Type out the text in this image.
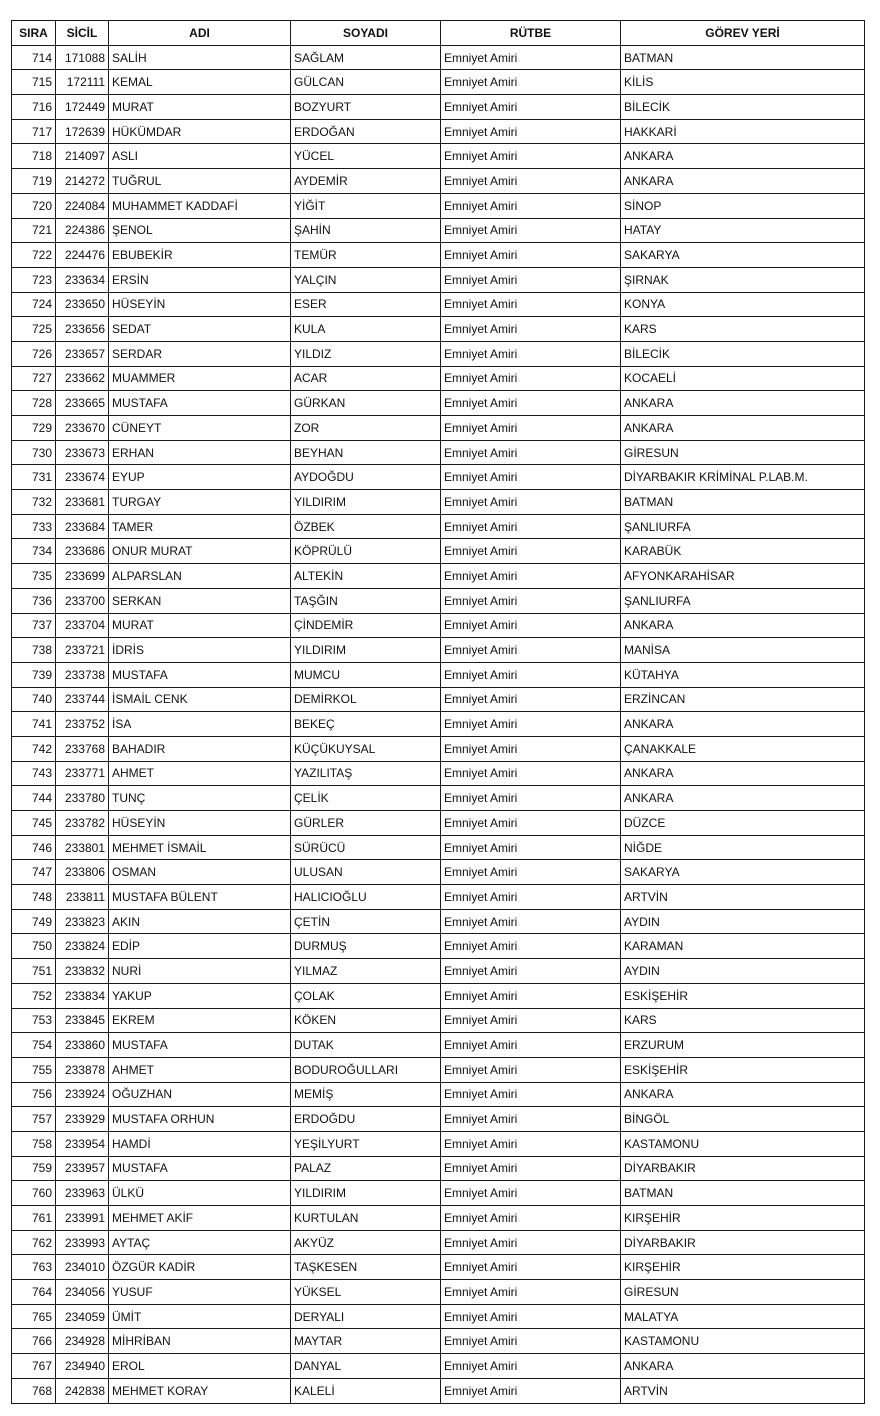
SIRA	SİCİL	ADI	SOYADI	RÜTBE	GÖREV YERİ
714	171088	SALİH	SAĞLAM	Emniyet Amiri	BATMAN
715	172111	KEMAL	GÜLCAN	Emniyet Amiri	KİLİS
716	172449	MURAT	BOZYURT	Emniyet Amiri	BİLECİK
717	172639	HÜKÜMDAR	ERDOĞAN	Emniyet Amiri	HAKKARİ
718	214097	ASLI	YÜCEL	Emniyet Amiri	ANKARA
719	214272	TUĞRUL	AYDEMİR	Emniyet Amiri	ANKARA
720	224084	MUHAMMET KADDAFİ	YİĞİT	Emniyet Amiri	SİNOP
721	224386	ŞENOL	ŞAHİN	Emniyet Amiri	HATAY
722	224476	EBUBEKİR	TEMÜR	Emniyet Amiri	SAKARYA
723	233634	ERSİN	YALÇIN	Emniyet Amiri	ŞIRNAK
724	233650	HÜSEYİN	ESER	Emniyet Amiri	KONYA
725	233656	SEDAT	KULA	Emniyet Amiri	KARS
726	233657	SERDAR	YILDIZ	Emniyet Amiri	BİLECİK
727	233662	MUAMMER	ACAR	Emniyet Amiri	KOCAELİ
728	233665	MUSTAFA	GÜRKAN	Emniyet Amiri	ANKARA
729	233670	CÜNEYT	ZOR	Emniyet Amiri	ANKARA
730	233673	ERHAN	BEYHAN	Emniyet Amiri	GİRESUN
731	233674	EYUP	AYDOĞDU	Emniyet Amiri	DİYARBAKIR KRİMİNAL P.LAB.M.
732	233681	TURGAY	YILDIRIM	Emniyet Amiri	BATMAN
733	233684	TAMER	ÖZBEK	Emniyet Amiri	ŞANLIURFA
734	233686	ONUR MURAT	KÖPRÜLÜ	Emniyet Amiri	KARABÜK
735	233699	ALPARSLAN	ALTEKİN	Emniyet Amiri	AFYONKARAHİSAR
736	233700	SERKAN	TAŞĞIN	Emniyet Amiri	ŞANLIURFA
737	233704	MURAT	ÇİNDEMİR	Emniyet Amiri	ANKARA
738	233721	İDRİS	YILDIRIM	Emniyet Amiri	MANİSA
739	233738	MUSTAFA	MUMCU	Emniyet Amiri	KÜTAHYA
740	233744	İSMAİL CENK	DEMİRKOL	Emniyet Amiri	ERZİNCAN
741	233752	İSA	BEKEÇ	Emniyet Amiri	ANKARA
742	233768	BAHADIR	KÜÇÜKUYSAL	Emniyet Amiri	ÇANAKKALE
743	233771	AHMET	YAZILITAŞ	Emniyet Amiri	ANKARA
744	233780	TUNÇ	ÇELİK	Emniyet Amiri	ANKARA
745	233782	HÜSEYİN	GÜRLER	Emniyet Amiri	DÜZCE
746	233801	MEHMET İSMAİL	SÜRÜCÜ	Emniyet Amiri	NİĞDE
747	233806	OSMAN	ULUSAN	Emniyet Amiri	SAKARYA
748	233811	MUSTAFA BÜLENT	HALICIOĞLU	Emniyet Amiri	ARTVİN
749	233823	AKIN	ÇETİN	Emniyet Amiri	AYDIN
750	233824	EDİP	DURMUŞ	Emniyet Amiri	KARAMAN
751	233832	NURİ	YILMAZ	Emniyet Amiri	AYDIN
752	233834	YAKUP	ÇOLAK	Emniyet Amiri	ESKİŞEHİR
753	233845	EKREM	KÖKEN	Emniyet Amiri	KARS
754	233860	MUSTAFA	DUTAK	Emniyet Amiri	ERZURUM
755	233878	AHMET	BODUROĞULLARI	Emniyet Amiri	ESKİŞEHİR
756	233924	OĞUZHAN	MEMİŞ	Emniyet Amiri	ANKARA
757	233929	MUSTAFA ORHUN	ERDOĞDU	Emniyet Amiri	BİNGÖL
758	233954	HAMDİ	YEŞİLYURT	Emniyet Amiri	KASTAMONU
759	233957	MUSTAFA	PALAZ	Emniyet Amiri	DİYARBAKIR
760	233963	ÜLKÜ	YILDIRIM	Emniyet Amiri	BATMAN
761	233991	MEHMET AKİF	KURTULAN	Emniyet Amiri	KIRŞEHİR
762	233993	AYTAÇ	AKYÜZ	Emniyet Amiri	DİYARBAKIR
763	234010	ÖZGÜR KADİR	TAŞKESEN	Emniyet Amiri	KIRŞEHİR
764	234056	YUSUF	YÜKSEL	Emniyet Amiri	GİRESUN
765	234059	ÜMİT	DERYALI	Emniyet Amiri	MALATYA
766	234928	MİHRİBAN	MAYTAR	Emniyet Amiri	KASTAMONU
767	234940	EROL	DANYAL	Emniyet Amiri	ANKARA
768	242838	MEHMET KORAY	KALELİ	Emniyet Amiri	ARTVİN
